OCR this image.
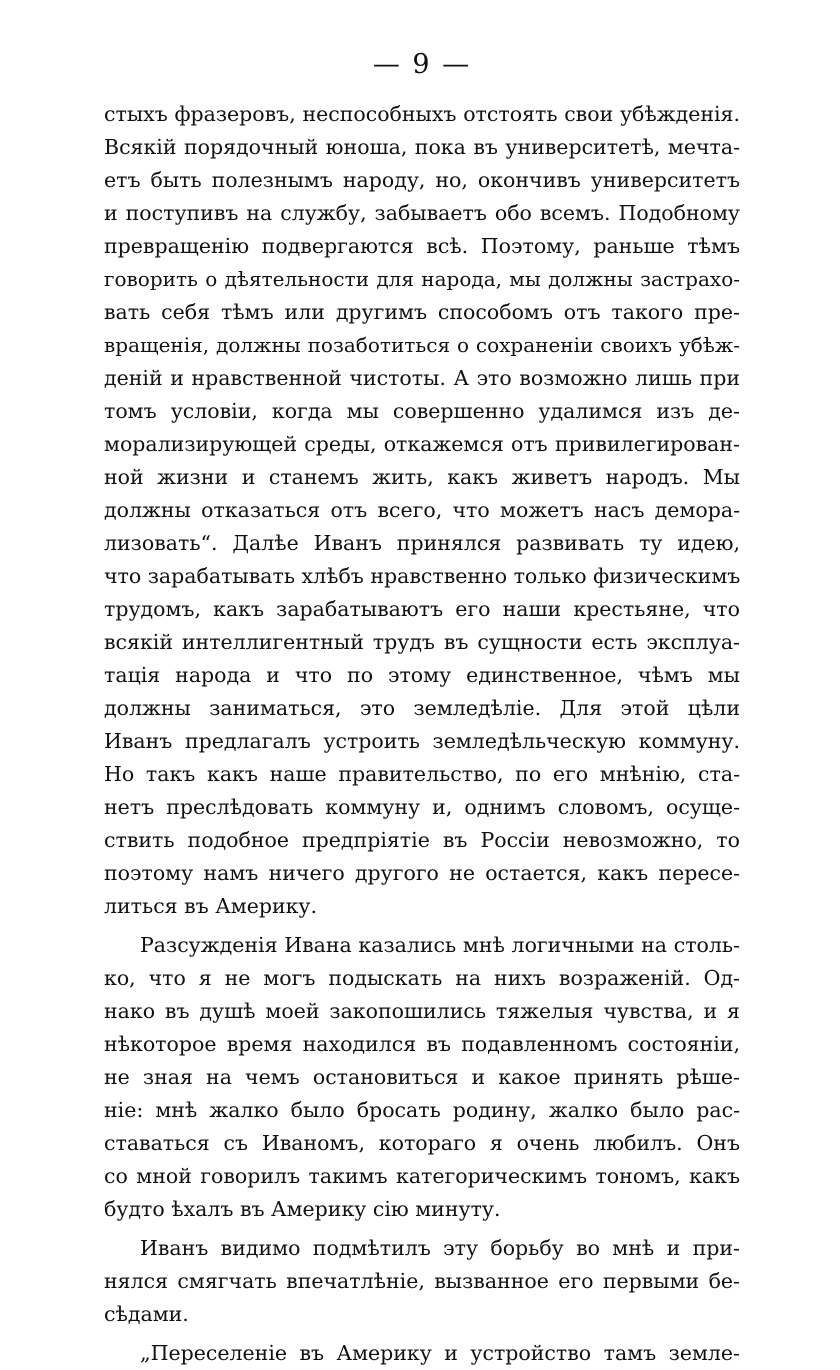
— 9 —
стыхъ фразеровъ, неспособныхъ отстоять свои убѣжденія.
Всякій порядочный юноша, пока въ университетѣ, мечта-
етъ быть полезнымъ народу, но, окончивъ университетъ
и поступивъ на службу, забываетъ обо всемъ. Подобному
превращенію подвергаются всѣ. Поэтому, раньше тѣмъ
говорить о дѣятельности для народа, мы должны застрахо-
вать себя тѣмъ или другимъ способомъ отъ такого пре-
вращенія, должны позаботиться о сохраненіи своихъ убѣж-
деній и нравственной чистоты. А это возможно лишь при
томъ условіи, когда мы совершенно удалимся изъ де-
морализирующей среды, откажемся отъ привилегирован-
ной жизни и станемъ жить, какъ живетъ народъ. Мы
должны отказаться отъ всего, что можетъ насъ деморa-
лизовать“. Далѣе Иванъ принялся развивать ту идею,
что зарабатывать хлѣбъ нравственно только физическимъ
трудомъ, какъ зарабатываютъ его наши крестьяне, что
всякій интеллигентный трудъ въ сущности есть эксплуа-
тація народа и что по этому единственное, чѣмъ мы
должны заниматься, это земледѣліе. Для этой цѣли
Иванъ предлагалъ устроить земледѣльческую коммуну.
Но такъ какъ наше правительство, по его мнѣнію, ста-
нетъ преслѣдовать коммуну и, однимъ словомъ, осуще-
ствить подобное предпріятіе въ Россіи невозможно, то
поэтому намъ ничего другого не остается, какъ пересе-
литься въ Америку.
Разсужденія Ивана казались мнѣ логичными на столь-
ко, что я не могъ подыскать на нихъ возраженій. Од-
нако въ душѣ моей закопошились тяжелыя чувства, и я
нѣкоторое время находился въ подавленномъ состояніи,
не зная на чемъ остановиться и какое принять рѣше-
ніе: мнѣ жалко было бросать родину, жалко было рас-
ставаться съ Иваномъ, котораго я очень любилъ. Онъ
со мной говорилъ такимъ категорическимъ тономъ, какъ
будто ѣхалъ въ Америку сію минуту.
Иванъ видимо подмѣтилъ эту борьбу во мнѣ и при-
нялся смягчать впечатлѣніе, вызванное его первыми бе-
сѣдами.
„Переселеніе въ Америку и устройство тамъ земле-
